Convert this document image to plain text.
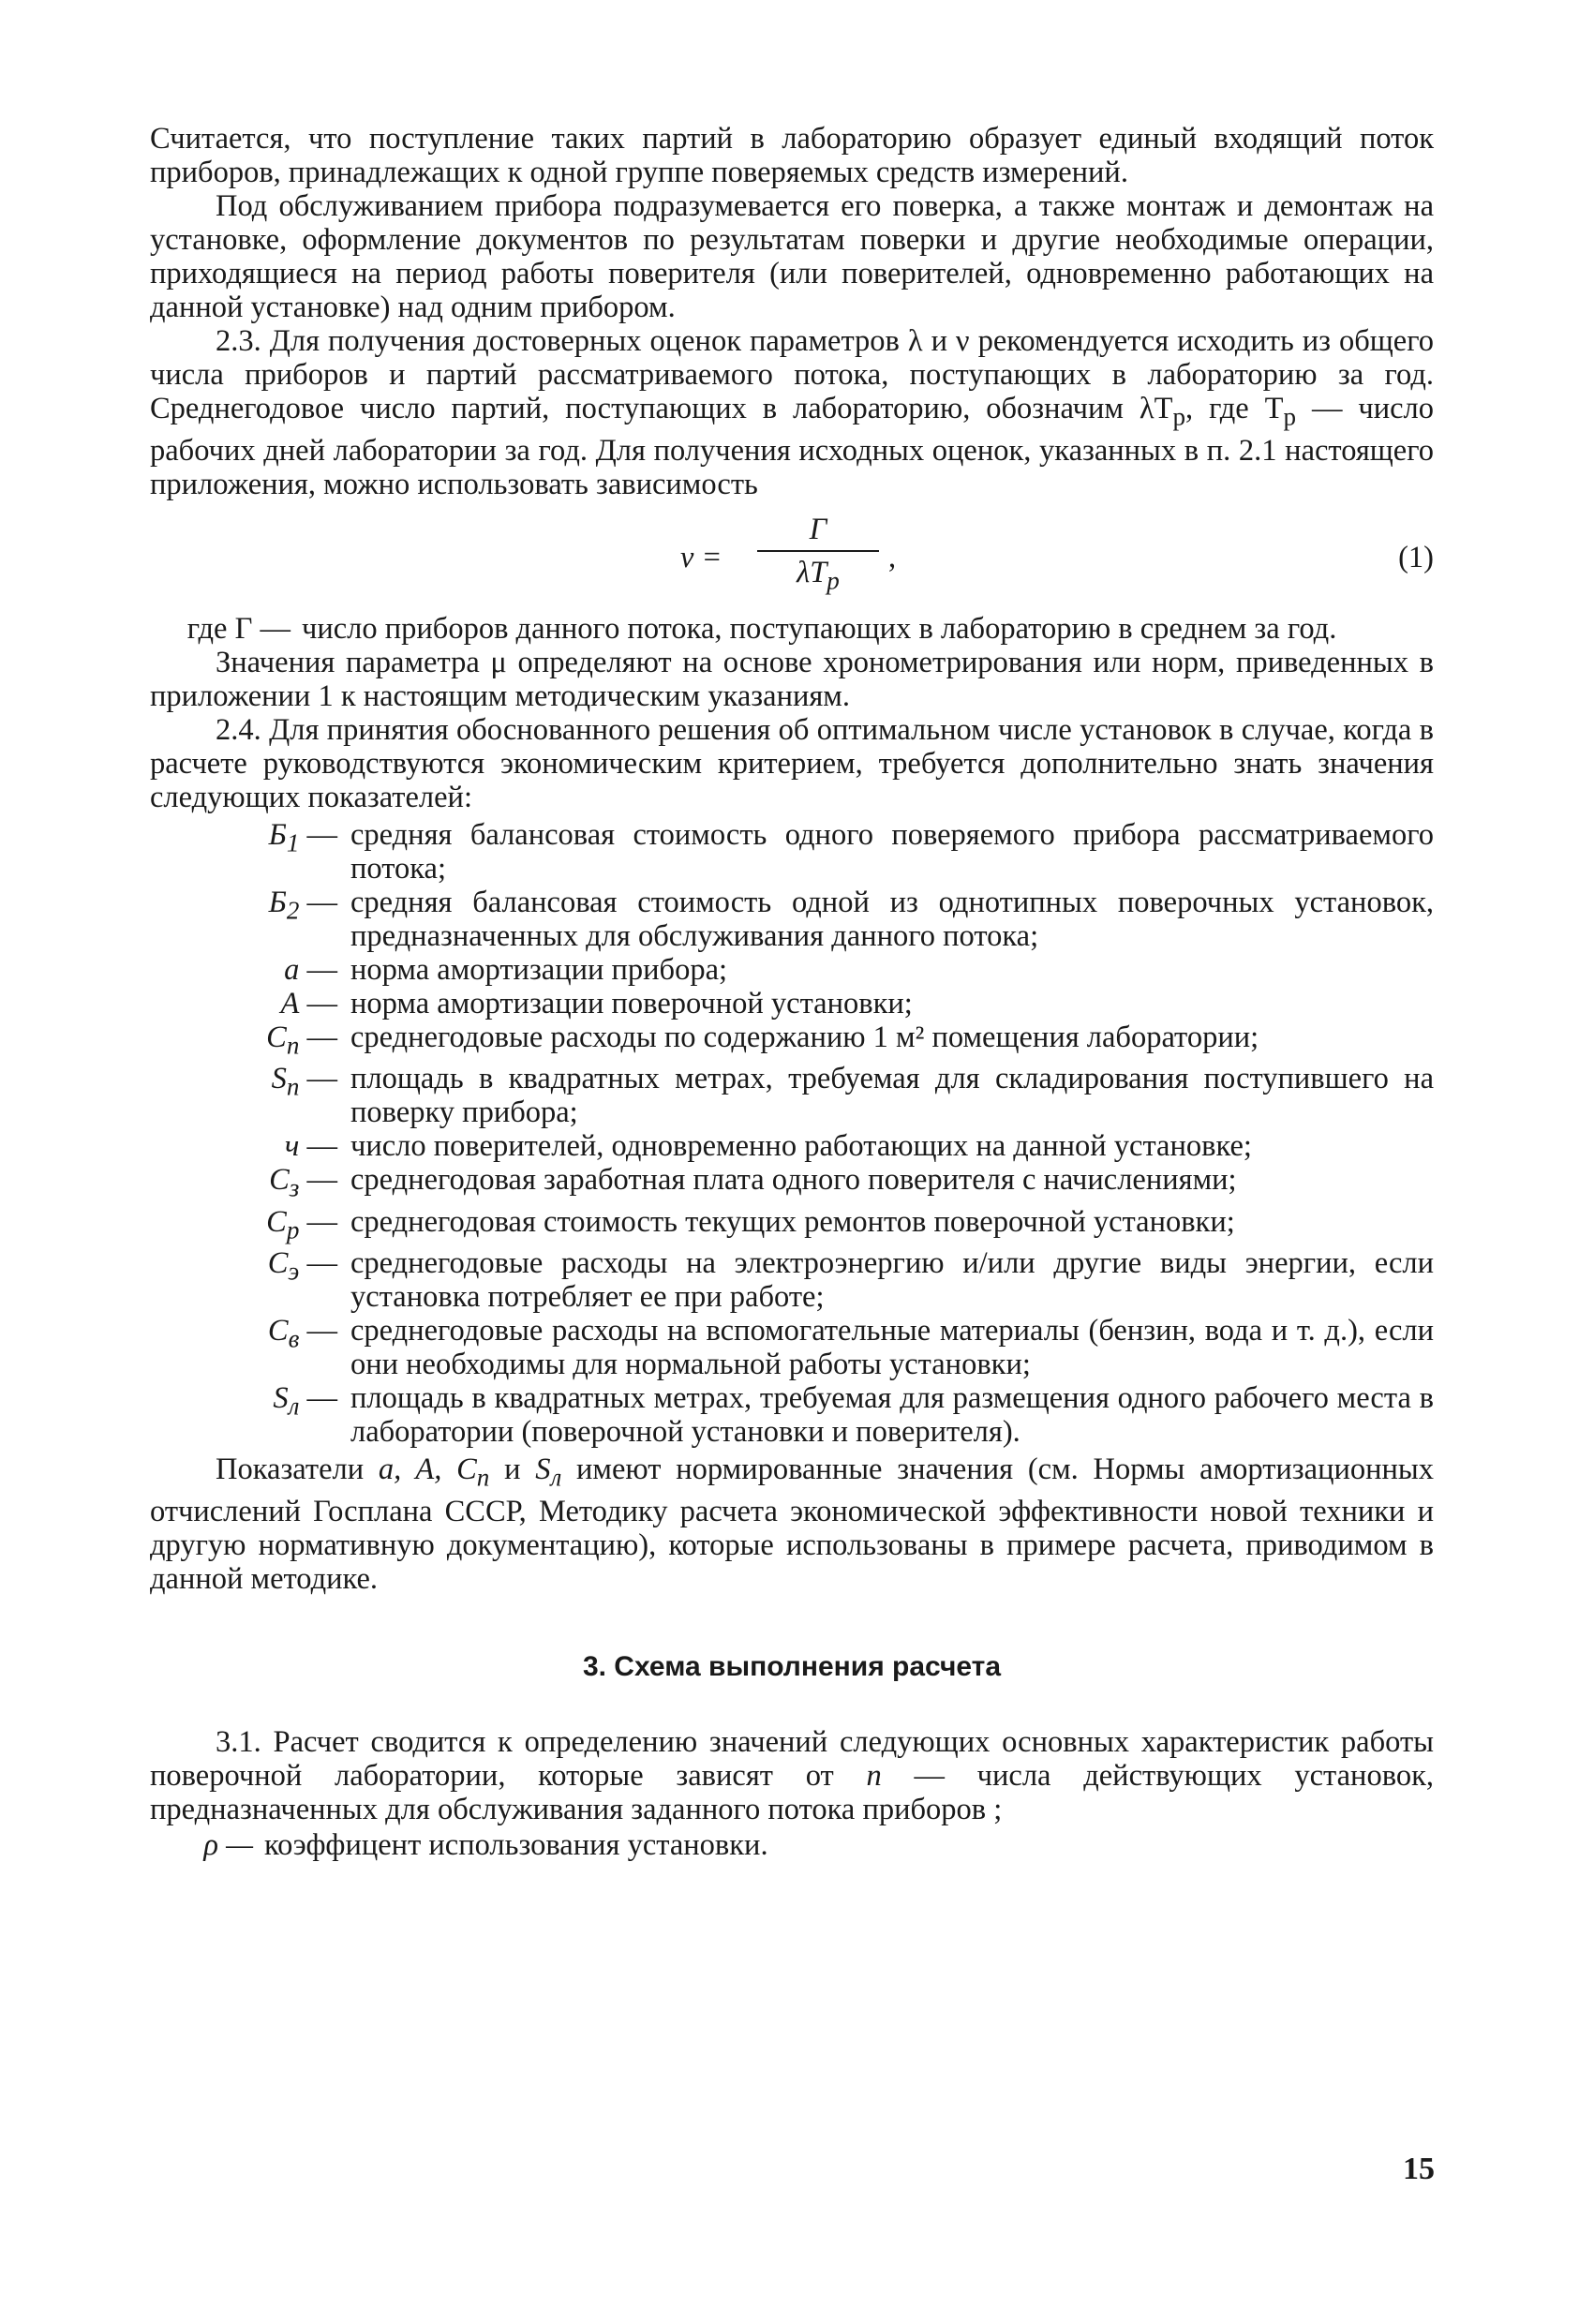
Считается, что поступление таких партий в лабораторию образует единый входящий поток приборов, принадлежащих к одной группе поверяемых средств измерений.

Под обслуживанием прибора подразумевается его поверка, а также монтаж и демонтаж на установке, оформление документов по результатам поверки и другие необходимые операции, приходящиеся на период работы поверителя (или поверителей, одновременно работающих на данной установке) над одним прибором.

2.3. Для получения достоверных оценок параметров λ и ν рекомендуется исходить из общего числа приборов и партий рассматриваемого потока, поступающих в лабораторию за год. Среднегодовое число партий, поступающих в лабораторию, обозначим $\lambda T_р$, где $T_р$ — число рабочих дней лаборатории за год. Для получения исходных оценок, указанных в п. 2.1 настоящего приложения, можно использовать зависимость

ν =
Г
$\lambda T_р$
,	(1)
где Г — число приборов данного потока, поступающих в лабораторию в среднем за год.

Значения параметра μ определяют на основе хронометрирования или норм, приведенных в приложении 1 к настоящим методическим указаниям.

2.4. Для принятия обоснованного решения об оптимальном числе установок в случае, когда в расчете руководствуются экономическим критерием, требуется дополнительно знать значения следующих показателей:

$Б_1$ — средняя балансовая стоимость одного поверяемого прибора рассматриваемого потока;
$Б_2$ — средняя балансовая стоимость одной из однотипных поверочных установок, предназначенных для обслуживания данного потока;
a — норма амортизации прибора;
A — норма амортизации поверочной установки;
$C_п$ — среднегодовые расходы по содержанию 1 м² помещения лаборатории;
$S_п$ — площадь в квадратных метрах, требуемая для складирования поступившего на поверку прибора;
ч — число поверителей, одновременно работающих на данной установке;
$C_з$ — среднегодовая заработная плата одного поверителя с начислениями;
$C_р$ — среднегодовая стоимость текущих ремонтов поверочной установки;
$C_э$ — среднегодовые расходы на электроэнергию и/или другие виды энергии, если установка потребляет ее при работе;
$C_в$ — среднегодовые расходы на вспомогательные материалы (бензин, вода и т. д.), если они необходимы для нормальной работы установки;
$S_л$ — площадь в квадратных метрах, требуемая для размещения одного рабочего места в лаборатории (поверочной установки и поверителя).

Показатели a, A, $C_п$ и $S_л$ имеют нормированные значения (см. Нормы амортизационных отчислений Госплана СССР, Методику расчета экономической эффективности новой техники и другую нормативную документацию), которые использованы в примере расчета, приводимом в данной методике.

3. Схема выполнения расчета

3.1. Расчет сводится к определению значений следующих основных характеристик работы поверочной лаборатории, которые зависят от n — числа действующих установок, предназначенных для обслуживания заданного потока приборов ;

ρ — коэффицент использования установки.
15
